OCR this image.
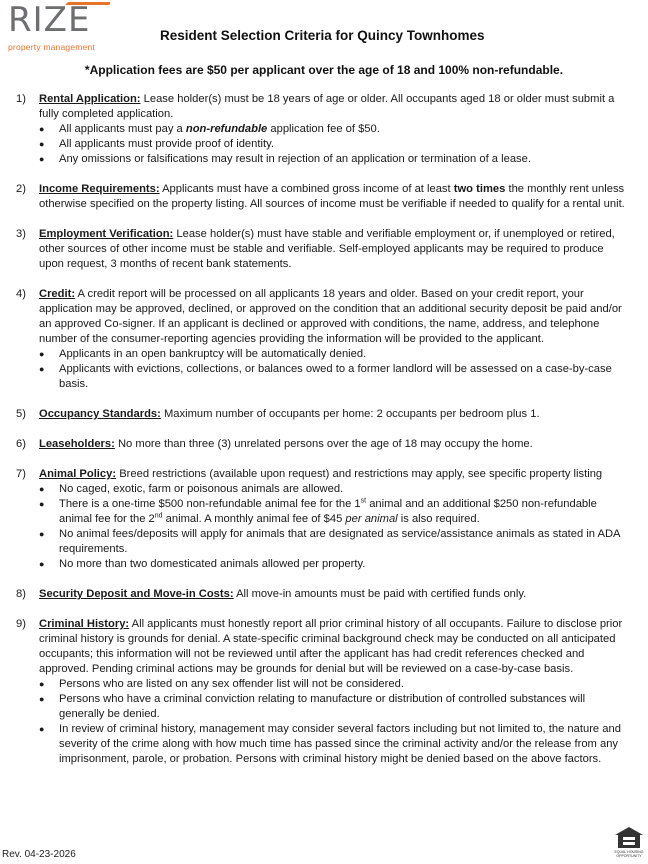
RIZE
property management
Resident Selection Criteria for Quincy Townhomes
*Application fees are $50 per applicant over the age of 18 and 100% non-refundable.
1) Rental Application: Lease holder(s) must be 18 years of age or older. All occupants aged 18 or older must submit a fully completed application.
● All applicants must pay a non-refundable application fee of $50.
● All applicants must provide proof of identity.
● Any omissions or falsifications may result in rejection of an application or termination of a lease.
2) Income Requirements: Applicants must have a combined gross income of at least two times the monthly rent unless otherwise specified on the property listing. All sources of income must be verifiable if needed to qualify for a rental unit.
3) Employment Verification: Lease holder(s) must have stable and verifiable employment or, if unemployed or retired, other sources of other income must be stable and verifiable. Self-employed applicants may be required to produce upon request, 3 months of recent bank statements.
4) Credit: A credit report will be processed on all applicants 18 years and older. Based on your credit report, your application may be approved, declined, or approved on the condition that an additional security deposit be paid and/or an approved Co-signer. If an applicant is declined or approved with conditions, the name, address, and telephone number of the consumer-reporting agencies providing the information will be provided to the applicant.
● Applicants in an open bankruptcy will be automatically denied.
● Applicants with evictions, collections, or balances owed to a former landlord will be assessed on a case-by-case basis.
5) Occupancy Standards: Maximum number of occupants per home: 2 occupants per bedroom plus 1.
6) Leaseholders: No more than three (3) unrelated persons over the age of 18 may occupy the home.
7) Animal Policy: Breed restrictions (available upon request) and restrictions may apply, see specific property listing
● No caged, exotic, farm or poisonous animals are allowed.
● There is a one-time $500 non-refundable animal fee for the 1st animal and an additional $250 non-refundable animal fee for the 2nd animal. A monthly animal fee of $45 per animal is also required.
● No animal fees/deposits will apply for animals that are designated as service/assistance animals as stated in ADA requirements.
● No more than two domesticated animals allowed per property.
8) Security Deposit and Move-in Costs: All move-in amounts must be paid with certified funds only.
9) Criminal History: All applicants must honestly report all prior criminal history of all occupants. Failure to disclose prior criminal history is grounds for denial. A state-specific criminal background check may be conducted on all anticipated occupants; this information will not be reviewed until after the applicant has had credit references checked and approved. Pending criminal actions may be grounds for denial but will be reviewed on a case-by-case basis.
● Persons who are listed on any sex offender list will not be considered.
● Persons who have a criminal conviction relating to manufacture or distribution of controlled substances will generally be denied.
● In review of criminal history, management may consider several factors including but not limited to, the nature and severity of the crime along with how much time has passed since the criminal activity and/or the release from any imprisonment, parole, or probation. Persons with criminal history might be denied based on the above factors.
Rev. 04-23-2026	EQUAL HOUSING OPPORTUNITY
